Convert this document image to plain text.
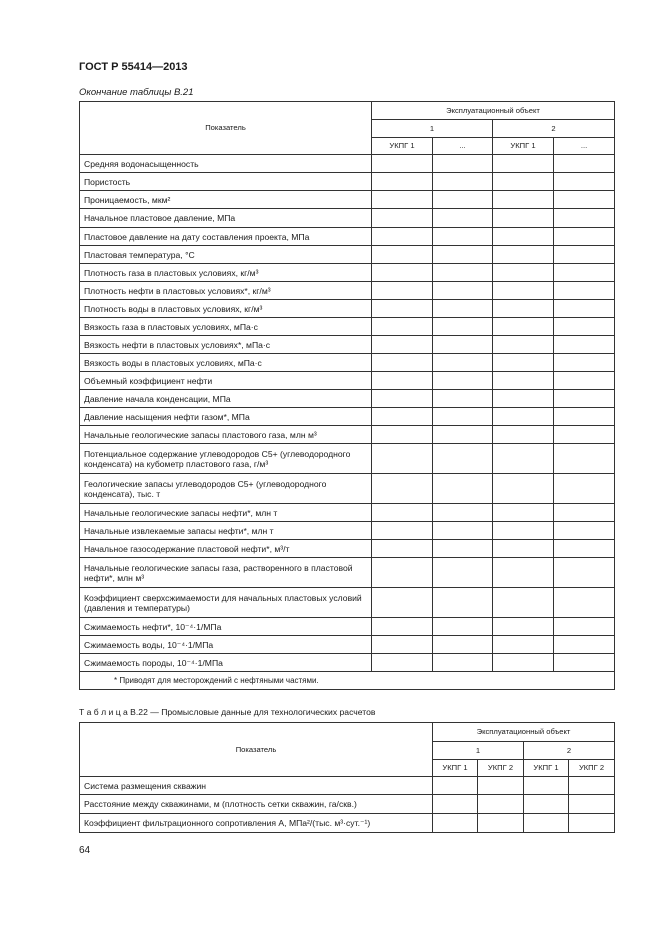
ГОСТ Р 55414—2013
Окончание таблицы В.21
Показатель	Эксплуатационный объект			
	1		2	
	УКПГ 1	...	УКПГ 1	...
Средняя водонасыщенность				
Пористость				
Проницаемость, мкм²				
Начальное пластовое давление, МПа				
Пластовое давление на дату составления проекта, МПа				
Пластовая температура, °С				
Плотность газа в пластовых условиях, кг/м³				
Плотность нефти в пластовых условиях*, кг/м³				
Плотность воды в пластовых условиях, кг/м³				
Вязкость газа в пластовых условиях, мПа·с				
Вязкость нефти в пластовых условиях*, мПа·с				
Вязкость воды в пластовых условиях, мПа·с				
Объемный коэффициент нефти				
Давление начала конденсации, МПа				
Давление насыщения нефти газом*, МПа				
Начальные геологические запасы пластового газа, млн м³				
Потенциальное содержание углеводородов С5+ (углеводородного конденсата) на кубометр пластового газа, г/м³				
Геологические запасы углеводородов С5+ (углеводородного конденсата), тыс. т				
Начальные геологические запасы нефти*, млн т				
Начальные извлекаемые запасы нефти*, млн т				
Начальное газосодержание пластовой нефти*, м³/т				
Начальные геологические запасы газа, растворенного в пластовой нефти*, млн м³				
Коэффициент сверхсжимаемости для начальных пластовых условий (давления и температуры)				
Сжимаемость нефти*, 10⁻⁴·1/МПа				
Сжимаемость воды, 10⁻⁴·1/МПа				
Сжимаемость породы, 10⁻⁴·1/МПа				
* Приводят для месторождений с нефтяными частями.				
Т а б л и ц а В.22 — Промысловые данные для технологических расчетов
Показатель	Эксплуатационный объект			
	1		2	
	УКПГ 1	УКПГ 2	УКПГ 1	УКПГ 2
Система размещения скважин				
Расстояние между скважинами, м (плотность сетки скважин, га/скв.)				
Коэффициент фильтрационного сопротивления А, МПа²/(тыс. м³·сут.⁻¹)				
64
